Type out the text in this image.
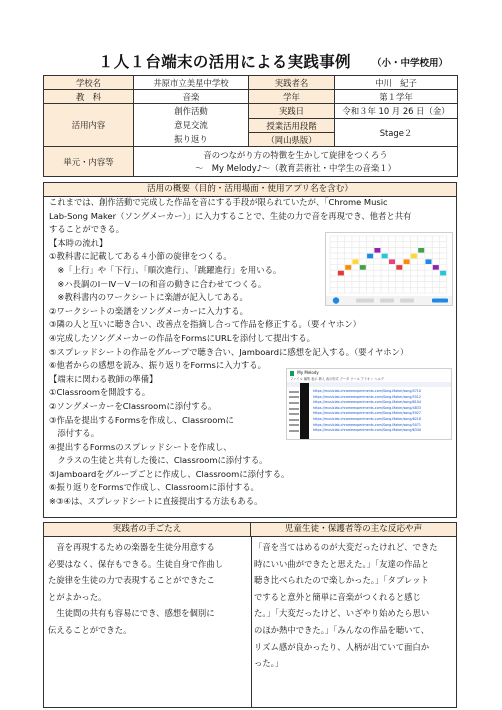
１人１台端末の活用による実践事例 （小・中学校用）
学校名	井原市立美星中学校	実践者名	中川　紀子
教　科	音楽	学年	第１学年
活用内容	創作活動
意見交流
振り返り	実践日	令和３年 10 月 26 日（金）
		授業活用段階	Stage２
		（岡山県版）	
単元・内容等	音のつながり方の特徴を生かして旋律をつくろう
～　My Melody♪～（教育芸術社・中学生の音楽１）		
活用の概要（目的・活用場面・使用アプリ名を含む）
これまでは、創作活動で完成した作品を音にする手段が限られていたが、「Chrome Music
Lab-Song Maker（ソングメーカー）」に入力することで、生徒の力で音を再現でき、他者と共有
することができる。
【本時の流れ】
①教科書に記載してある４小節の旋律をつくる。
　※「上行」や「下行」、「順次進行」、「跳躍進行」を用いる。
　※ハ長調のⅠ－Ⅳ－Ⅴ－Ⅰの和音の動きに合わせてつくる。
　※教科書内のワークシートに楽譜が記入してある。
②ワークシートの楽譜をソングメーカーに入力する。
③隣の人と互いに聴き合い、改善点を指摘し合って作品を修正する。（要イヤホン）
④完成したソングメーカーの作品をFormsにURLを添付して提出する。
⑤スプレッドシートの作品をグループで聴き合い、Jamboardに感想を記入する。（要イヤホン）
⑥他者からの感想を読み、振り返りをFormsに入力する。
【端末に関わる教師の準備】
①Classroomを開設する。
②ソングメーカーをClassroomに添付する。
③作品を提出するFormsを作成し、Classroomに
　添付する。
④提出するFormsのスプレッドシートを作成し、
　クラスの生徒と共有した後に、Classroomに添付する。
⑤Jamboardをグループごとに作成し、Classroomに添付する。
⑥振り返りをFormsで作成し、Classroomに添付する。
※③④は、スプレッドシートに直接提出する方法もある。
My Melody
ファイル 編集 表示 挿入 表示形式 データ ツール アドオン ヘルプ
https://musiclab.chromeexperiments.com/Song-Maker/song/4710
https://musiclab.chromeexperiments.com/Song-Maker/song/5512
https://musiclab.chromeexperiments.com/Song-Maker/song/6104
https://musiclab.chromeexperiments.com/Song-Maker/song/4833
https://musiclab.chromeexperiments.com/Song-Maker/song/5927
https://musiclab.chromeexperiments.com/Song-Maker/song/6218
https://musiclab.chromeexperiments.com/Song-Maker/song/5071
https://musiclab.chromeexperiments.com/Song-Maker/song/6340
実践者の手ごたえ	児童生徒・保護者等の主な反応や声
　音を再現するための楽器を生徒分用意する
必要はなく、保存もできる。生徒自身で作曲し
た旋律を生徒の力で表現することができたこ
とがよかった。
　生徒間の共有も容易にでき、感想を個別に
伝えることができた。
「音を当てはめるのが大変だったけれど、できた
時にいい曲ができたと思えた。」「友達の作品と
聴き比べられたので楽しかった。」「タブレット
ですると意外と簡単に音楽がつくれると感じ
た。」「大変だったけど、いざやり始めたら思い
のほか熱中できた。」「みんなの作品を聴いて、
リズム感が良かったり、人柄が出ていて面白か
った。」
